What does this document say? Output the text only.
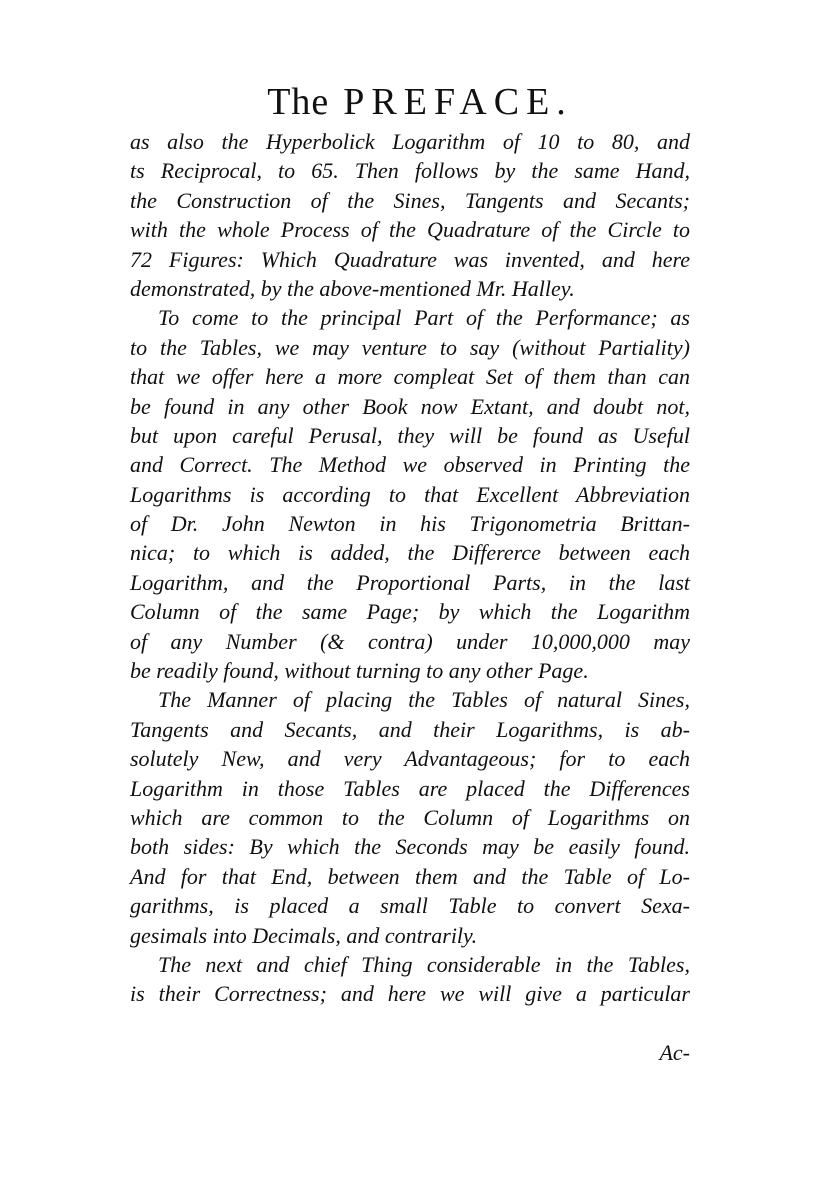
The PREFACE.
as also the Hyperbolick Logarithm of 10 to 80, and
ts Reciprocal, to 65. Then follows by the same Hand,
the Construction of the Sines, Tangents and Secants;
with the whole Process of the Quadrature of the Circle to
72 Figures: Which Quadrature was invented, and here
demonstrated, by the above-mentioned Mr. Halley.
To come to the principal Part of the Performance; as
to the Tables, we may venture to say (without Partiality)
that we offer here a more compleat Set of them than can
be found in any other Book now Extant, and doubt not,
but upon careful Perusal, they will be found as Useful
and Correct. The Method we observed in Printing the
Logarithms is according to that Excellent Abbreviation
of Dr. John Newton in his Trigonometria Brittan-
nica; to which is added, the Differerce between each
Logarithm, and the Proportional Parts, in the last
Column of the same Page; by which the Logarithm
of any Number (& contra) under 10,000,000 may
be readily found, without turning to any other Page.
The Manner of placing the Tables of natural Sines,
Tangents and Secants, and their Logarithms, is ab-
solutely New, and very Advantageous; for to each
Logarithm in those Tables are placed the Differences
which are common to the Column of Logarithms on
both sides: By which the Seconds may be easily found.
And for that End, between them and the Table of Lo-
garithms, is placed a small Table to convert Sexa-
gesimals into Decimals, and contrarily.
The next and chief Thing considerable in the Tables,
is their Correctness; and here we will give a particular
Ac-
